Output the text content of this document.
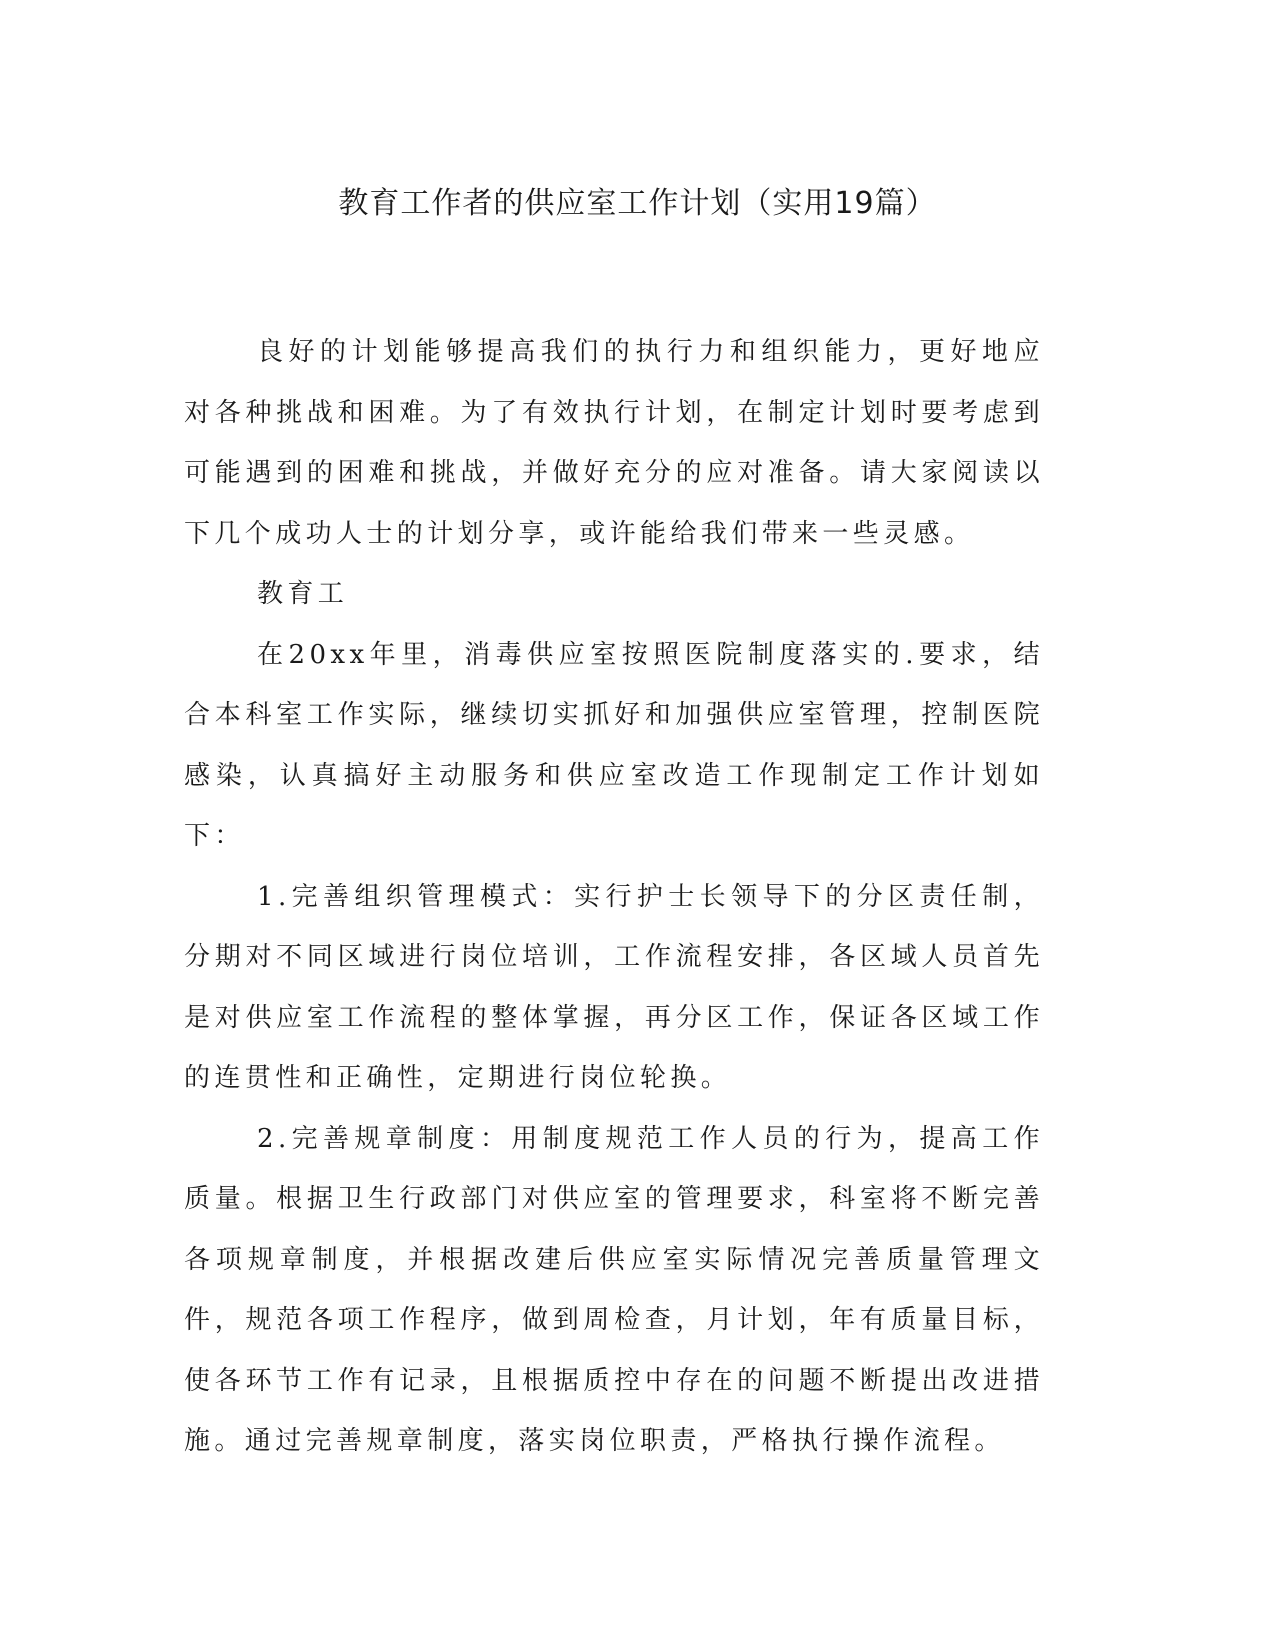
教育工作者的供应室工作计划（实用19篇）

良好的计划能够提高我们的执行力和组织能力，更好地应对各种挑战和困难。为了有效执行计划，在制定计划时要考虑到可能遇到的困难和挑战，并做好充分的应对准备。请大家阅读以下几个成功人士的计划分享，或许能给我们带来一些灵感。

教育工

在20xx年里，消毒供应室按照医院制度落实的.要求，结合本科室工作实际，继续切实抓好和加强供应室管理，控制医院感染，认真搞好主动服务和供应室改造工作现制定工作计划如下：

1.完善组织管理模式：实行护士长领导下的分区责任制，分期对不同区域进行岗位培训，工作流程安排，各区域人员首先是对供应室工作流程的整体掌握，再分区工作，保证各区域工作的连贯性和正确性，定期进行岗位轮换。

2.完善规章制度：用制度规范工作人员的行为，提高工作质量。根据卫生行政部门对供应室的管理要求，科室将不断完善各项规章制度，并根据改建后供应室实际情况完善质量管理文件，规范各项工作程序，做到周检查，月计划，年有质量目标，使各环节工作有记录，且根据质控中存在的问题不断提出改进措施。通过完善规章制度，落实岗位职责，严格执行操作流程。
